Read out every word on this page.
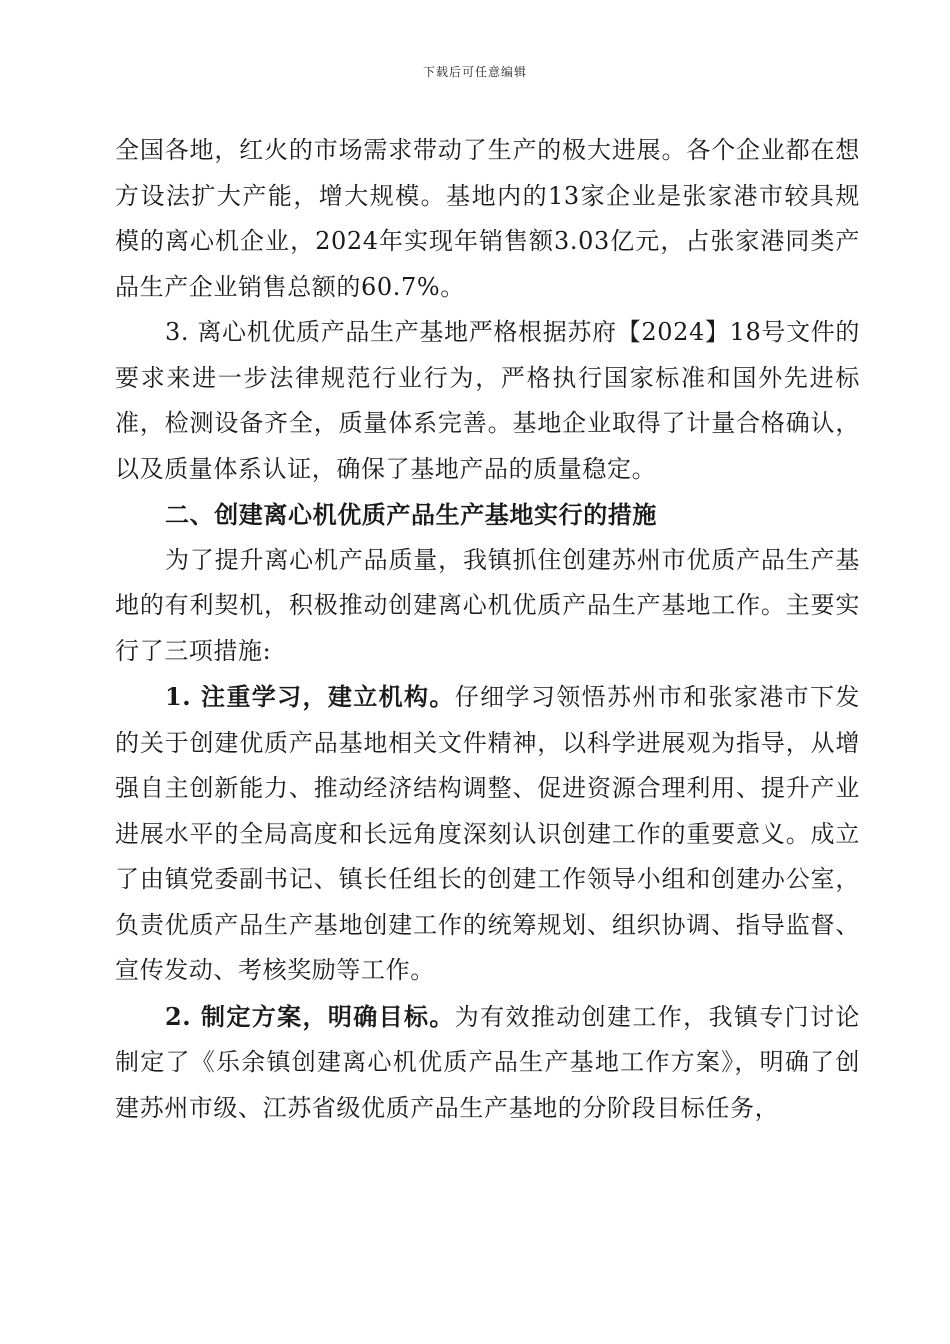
下载后可任意编辑

全国各地，红火的市场需求带动了生产的极大进展。各个企业都在想方设法扩大产能，增大规模。基地内的13家企业是张家港市较具规模的离心机企业，2024年实现年销售额3.03亿元，占张家港同类产品生产企业销售总额的60.7%。

3. 离心机优质产品生产基地严格根据苏府【2024】18号文件的要求来进一步法律规范行业行为，严格执行国家标准和国外先进标准，检测设备齐全，质量体系完善。基地企业取得了计量合格确认，以及质量体系认证，确保了基地产品的质量稳定。

二、创建离心机优质产品生产基地实行的措施

为了提升离心机产品质量，我镇抓住创建苏州市优质产品生产基地的有利契机，积极推动创建离心机优质产品生产基地工作。主要实行了三项措施:

1. 注重学习，建立机构。仔细学习领悟苏州市和张家港市下发的关于创建优质产品基地相关文件精神，以科学进展观为指导，从增强自主创新能力、推动经济结构调整、促进资源合理利用、提升产业进展水平的全局高度和长远角度深刻认识创建工作的重要意义。成立了由镇党委副书记、镇长任组长的创建工作领导小组和创建办公室，负责优质产品生产基地创建工作的统筹规划、组织协调、指导监督、宣传发动、考核奖励等工作。

2. 制定方案，明确目标。为有效推动创建工作，我镇专门讨论制定了《乐余镇创建离心机优质产品生产基地工作方案》，明确了创建苏州市级、江苏省级优质产品生产基地的分阶段目标任务，
